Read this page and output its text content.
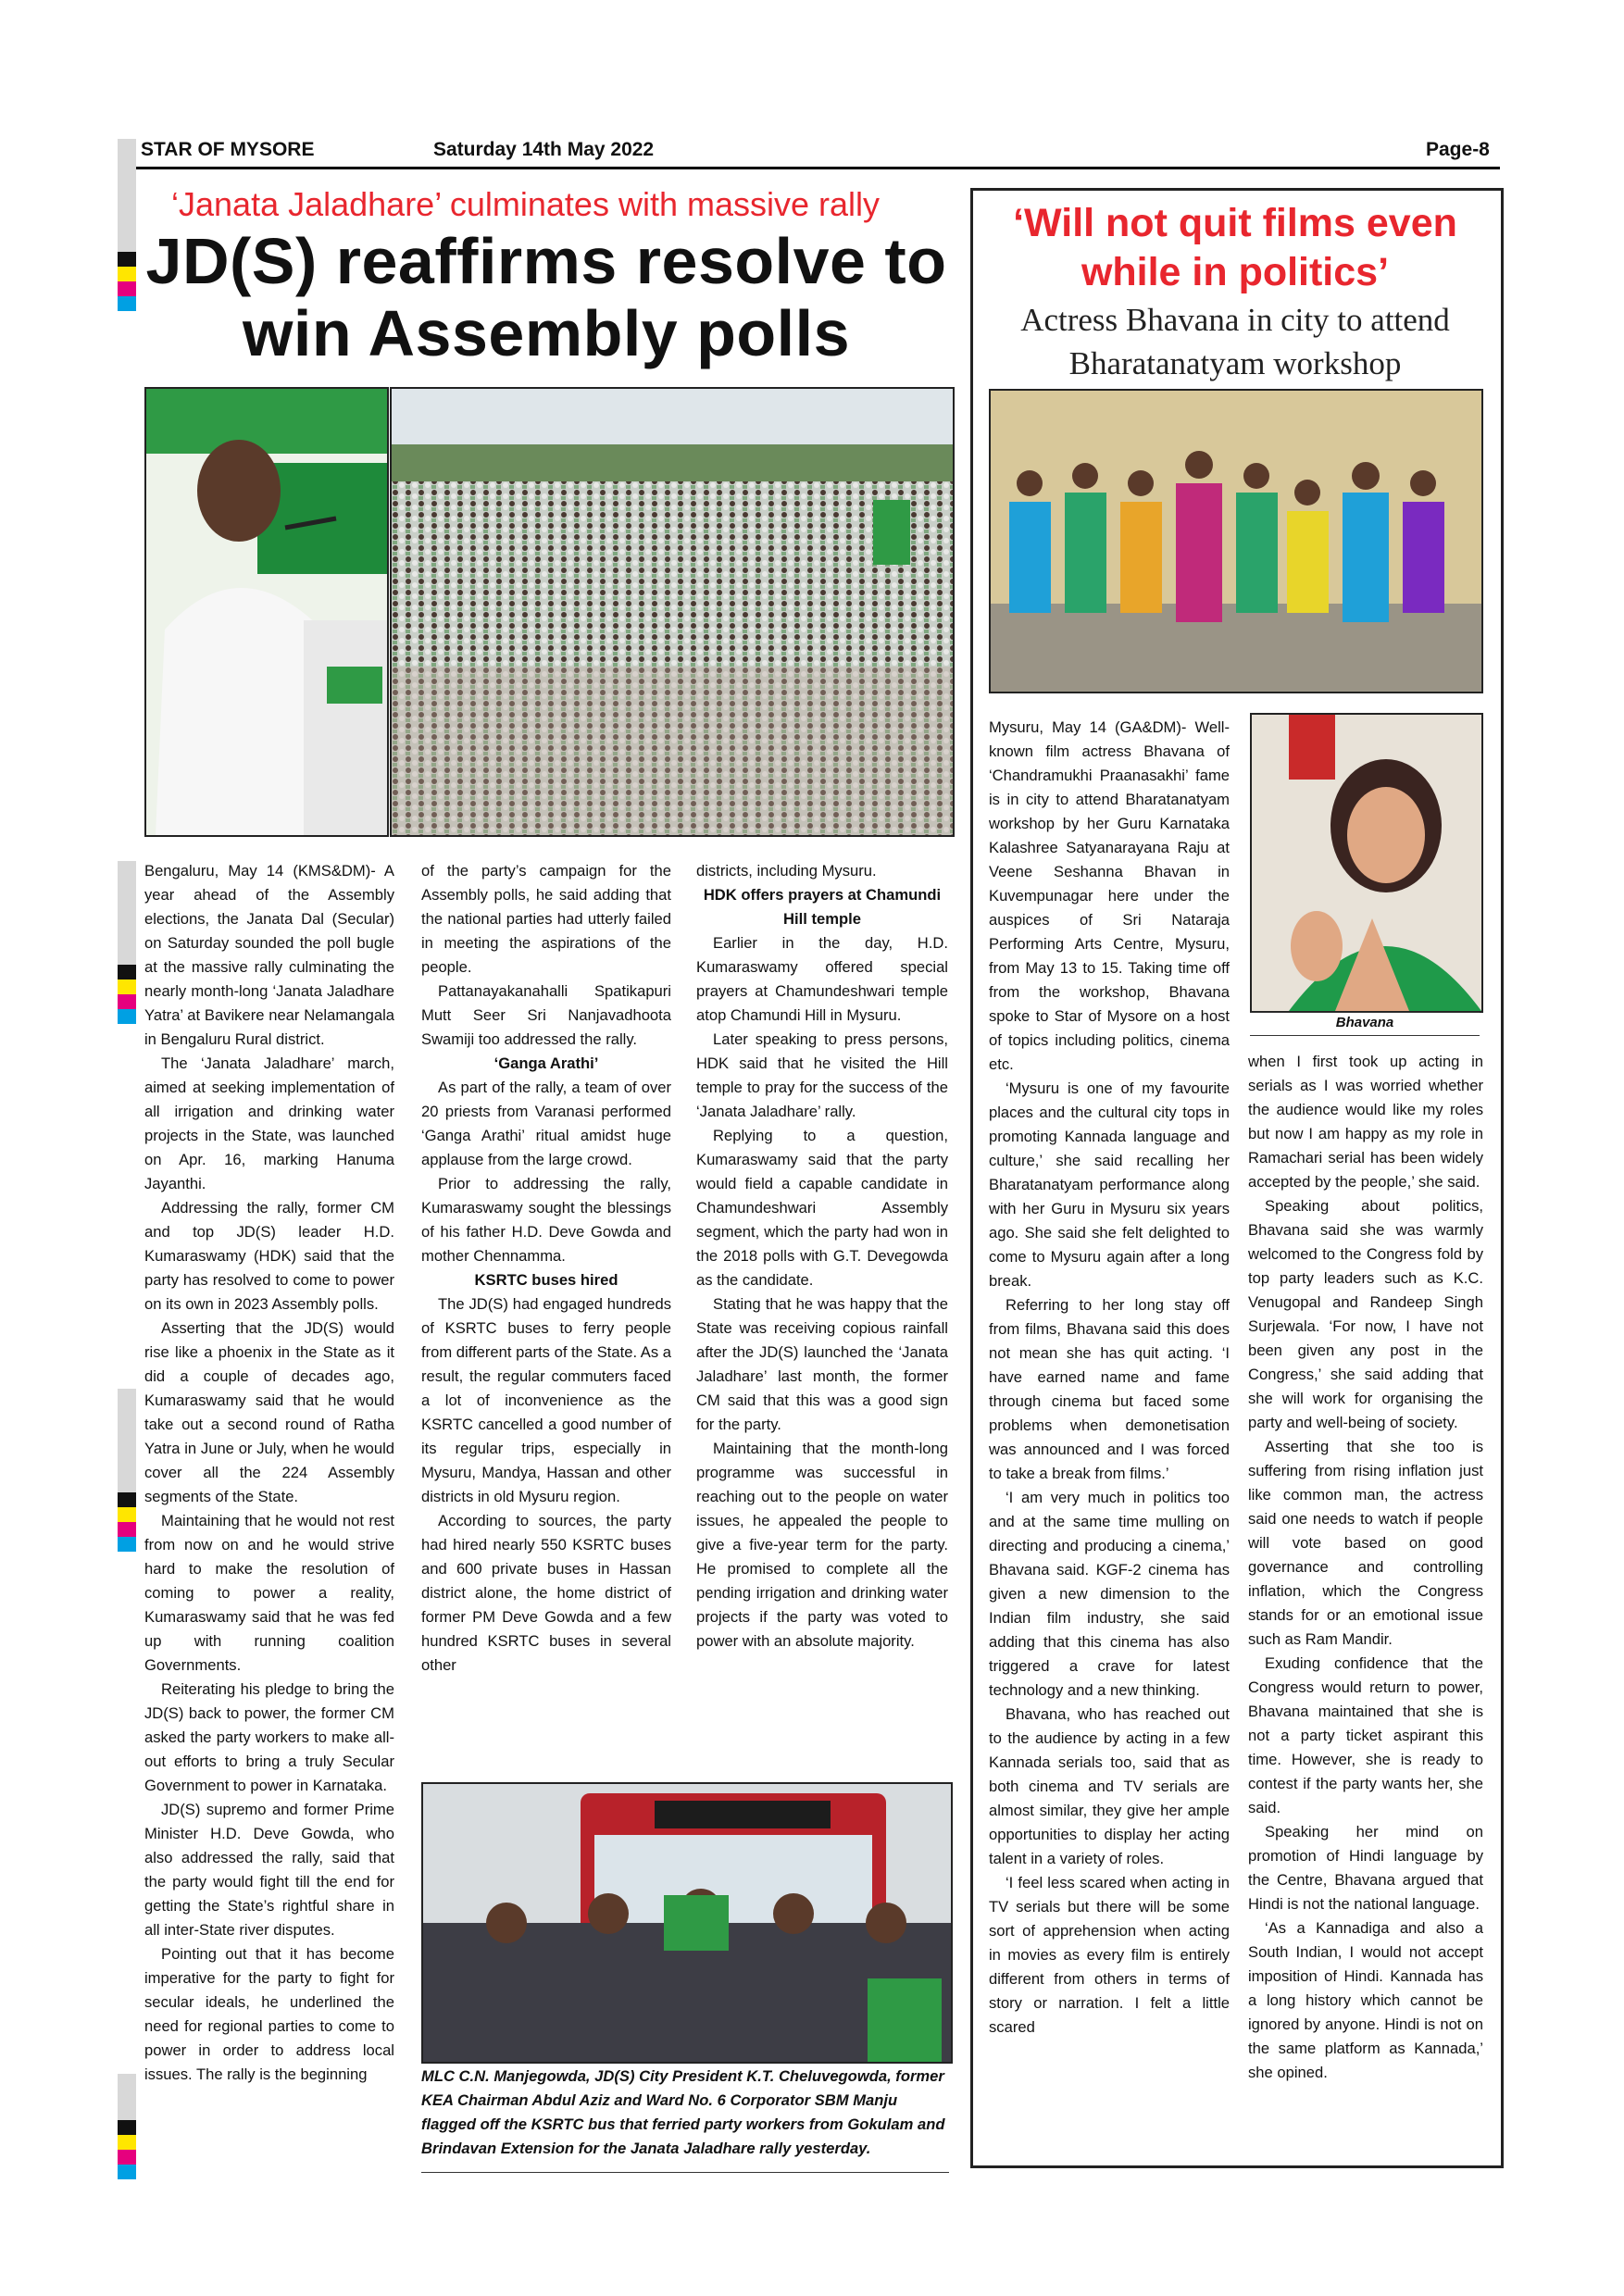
STAR OF MYSORE	Saturday 14th May 2022	Page-8
‘Janata Jaladhare’ culminates with massive rally
JD(S) reaffirms resolve to win Assembly polls

Bengaluru, May 14 (KMS&DM)- A year ahead of the Assembly elections, the Janata Dal (Secular) on Saturday sounded the poll bugle at the massive rally culminating the nearly month-long ‘Janata Jaladhare Yatra’ at Bavikere near Nelamangala in Bengaluru Rural district.

The ‘Janata Jaladhare’ march, aimed at seeking implementation of all irrigation and drinking water projects in the State, was launched on Apr. 16, marking Hanuma Jayanthi.

Addressing the rally, former CM and top JD(S) leader H.D. Kumaraswamy (HDK) said that the party has resolved to come to power on its own in 2023 Assembly polls.

Asserting that the JD(S) would rise like a phoenix in the State as it did a couple of decades ago, Kumaraswamy said that he would take out a second round of Ratha Yatra in June or July, when he would cover all the 224 Assembly segments of the State.

Maintaining that he would not rest from now on and he would strive hard to make the resolution of coming to power a reality, Kumaraswamy said that he was fed up with running coalition Governments.

Reiterating his pledge to bring the JD(S) back to power, the former CM asked the party workers to make all-out efforts to bring a truly Secular Government to power in Karnataka.

JD(S) supremo and former Prime Minister H.D. Deve Gowda, who also addressed the rally, said that the party would fight till the end for getting the State’s rightful share in all inter-State river disputes.

Pointing out that it has become imperative for the party to fight for secular ideals, he underlined the need for regional parties to come to power in order to address local issues. The rally is the beginning

of the party’s campaign for the Assembly polls, he said adding that the national parties had utterly failed in meeting the aspirations of the people.

Pattanayakanahalli Spatikapuri Mutt Seer Sri Nanjavadhoota Swamiji too addressed the rally.

‘Ganga Arathi’

As part of the rally, a team of over 20 priests from Varanasi performed ‘Ganga Arathi’ ritual amidst huge applause from the large crowd.

Prior to addressing the rally, Kumaraswamy sought the blessings of his father H.D. Deve Gowda and mother Chennamma.

KSRTC buses hired

The JD(S) had engaged hundreds of KSRTC buses to ferry people from different parts of the State. As a result, the regular commuters faced a lot of inconvenience as the KSRTC cancelled a good number of its regular trips, especially in Mysuru, Mandya, Hassan and other districts in old Mysuru region.

According to sources, the party had hired nearly 550 KSRTC buses and 600 private buses in Hassan district alone, the home district of former PM Deve Gowda and a few hundred KSRTC buses in several other

districts, including Mysuru.

HDK offers prayers at Chamundi Hill temple

Earlier in the day, H.D. Kumaraswamy offered special prayers at Chamundeshwari temple atop Chamundi Hill in Mysuru.

Later speaking to press persons, HDK said that he visited the Hill temple to pray for the success of the ‘Janata Jaladhare’ rally.

Replying to a question, Kumaraswamy said that the party would field a capable candidate in Chamundeshwari Assembly segment, which the party had won in the 2018 polls with G.T. Devegowda as the candidate.

Stating that he was happy that the State was receiving copious rainfall after the JD(S) launched the ‘Janata Jaladhare’ last month, the former CM said that this was a good sign for the party.

Maintaining that the month-long programme was successful in reaching out to the people on water issues, he appealed the people to give a five-year term for the party. He promised to complete all the pending irrigation and drinking water projects if the party was voted to power with an absolute majority.

MLC C.N. Manjegowda, JD(S) City President K.T. Cheluvegowda, former KEA Chairman Abdul Aziz and Ward No. 6 Corporator SBM Manju flagged off the KSRTC bus that ferried party workers from Gokulam and Brindavan Extension for the Janata Jaladhare rally yesterday.
‘Will not quit films even while in politics’
Actress Bhavana in city to attend Bharatanatyam workshop

Mysuru, May 14 (GA&DM)- Well-known film actress Bhavana of ‘Chandramukhi Praanasakhi’ fame is in city to attend Bharatanatyam workshop by her Guru Karnataka Kalashree Satyanarayana Raju at Veene Seshanna Bhavan in Kuvempunagar here under the auspices of Sri Nataraja Performing Arts Centre, Mysuru, from May 13 to 15. Taking time off from the workshop, Bhavana spoke to Star of Mysore on a host of topics including politics, cinema etc.

‘Mysuru is one of my favourite places and the cultural city tops in promoting Kannada language and culture,’ she said recalling her Bharatanatyam performance along with her Guru in Mysuru six years ago. She said she felt delighted to come to Mysuru again after a long break.

Referring to her long stay off from films, Bhavana said this does not mean she has quit acting. ‘I have earned name and fame through cinema but faced some problems when demonetisation was announced and I was forced to take a break from films.’

‘I am very much in politics too and at the same time mulling on directing and producing a cinema,’ Bhavana said. KGF-2 cinema has given a new dimension to the Indian film industry, she said adding that this cinema has also triggered a crave for latest technology and a new thinking.

Bhavana, who has reached out to the audience by acting in a few Kannada serials too, said that as both cinema and TV serials are almost similar, they give her ample opportunities to display her acting talent in a variety of roles.

‘I feel less scared when acting in TV serials but there will be some sort of apprehension when acting in movies as every film is entirely different from others in terms of story or narration. I felt a little scared

Bhavana

when I first took up acting in serials as I was worried whether the audience would like my roles but now I am happy as my role in Ramachari serial has been widely accepted by the people,’ she said.

Speaking about politics, Bhavana said she was warmly welcomed to the Congress fold by top party leaders such as K.C. Venugopal and Randeep Singh Surjewala. ‘For now, I have not been given any post in the Congress,’ she said adding that she will work for organising the party and well-being of society.

Asserting that she too is suffering from rising inflation just like common man, the actress said one needs to watch if people will vote based on good governance and controlling inflation, which the Congress stands for or an emotional issue such as Ram Mandir.

Exuding confidence that the Congress would return to power, Bhavana maintained that she is not a party ticket aspirant this time. However, she is ready to contest if the party wants her, she said.

Speaking her mind on promotion of Hindi language by the Centre, Bhavana argued that Hindi is not the national language.

‘As a Kannadiga and also a South Indian, I would not accept imposition of Hindi. Kannada has a long history which cannot be ignored by anyone. Hindi is not on the same platform as Kannada,’ she opined.
